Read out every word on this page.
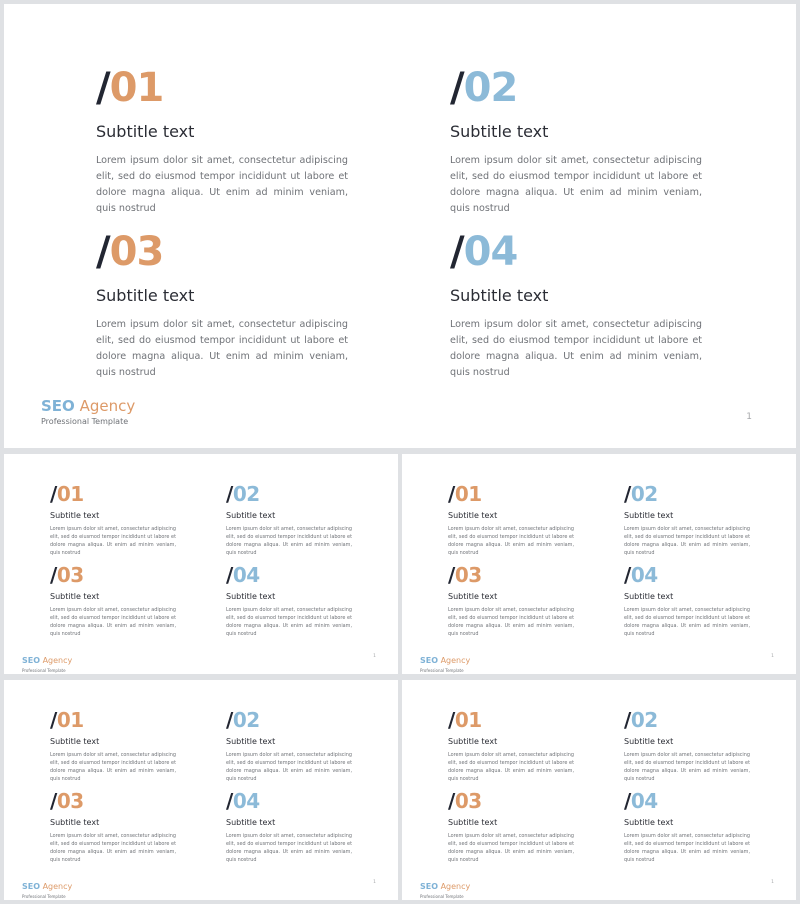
/01
Subtitle text
Lorem ipsum dolor sit amet, consectetur adipiscing elit, sed do eiusmod tempor incididunt ut labore et dolore magna aliqua. Ut enim ad minim veniam, quis nostrud
/02
Subtitle text
Lorem ipsum dolor sit amet, consectetur adipiscing elit, sed do eiusmod tempor incididunt ut labore et dolore magna aliqua. Ut enim ad minim veniam, quis nostrud
/03
Subtitle text
Lorem ipsum dolor sit amet, consectetur adipiscing elit, sed do eiusmod tempor incididunt ut labore et dolore magna aliqua. Ut enim ad minim veniam, quis nostrud
/04
Subtitle text
Lorem ipsum dolor sit amet, consectetur adipiscing elit, sed do eiusmod tempor incididunt ut labore et dolore magna aliqua. Ut enim ad minim veniam, quis nostrud
SEO Agency
Professional Template	1
/01
Subtitle text
Lorem ipsum dolor sit amet, consectetur adipiscing elit, sed do eiusmod tempor incididunt ut labore et dolore magna aliqua. Ut enim ad minim veniam, quis nostrud
/02
Subtitle text
Lorem ipsum dolor sit amet, consectetur adipiscing elit, sed do eiusmod tempor incididunt ut labore et dolore magna aliqua. Ut enim ad minim veniam, quis nostrud
/03
Subtitle text
Lorem ipsum dolor sit amet, consectetur adipiscing elit, sed do eiusmod tempor incididunt ut labore et dolore magna aliqua. Ut enim ad minim veniam, quis nostrud
/04
Subtitle text
Lorem ipsum dolor sit amet, consectetur adipiscing elit, sed do eiusmod tempor incididunt ut labore et dolore magna aliqua. Ut enim ad minim veniam, quis nostrud
SEO Agency
Professional Template
1
/01
Subtitle text
Lorem ipsum dolor sit amet, consectetur adipiscing elit, sed do eiusmod tempor incididunt ut labore et dolore magna aliqua. Ut enim ad minim veniam, quis nostrud
/02
Subtitle text
Lorem ipsum dolor sit amet, consectetur adipiscing elit, sed do eiusmod tempor incididunt ut labore et dolore magna aliqua. Ut enim ad minim veniam, quis nostrud
/03
Subtitle text
Lorem ipsum dolor sit amet, consectetur adipiscing elit, sed do eiusmod tempor incididunt ut labore et dolore magna aliqua. Ut enim ad minim veniam, quis nostrud
/04
Subtitle text
Lorem ipsum dolor sit amet, consectetur adipiscing elit, sed do eiusmod tempor incididunt ut labore et dolore magna aliqua. Ut enim ad minim veniam, quis nostrud
SEO Agency
Professional Template
1
/01
Subtitle text
Lorem ipsum dolor sit amet, consectetur adipiscing elit, sed do eiusmod tempor incididunt ut labore et dolore magna aliqua. Ut enim ad minim veniam, quis nostrud
/02
Subtitle text
Lorem ipsum dolor sit amet, consectetur adipiscing elit, sed do eiusmod tempor incididunt ut labore et dolore magna aliqua. Ut enim ad minim veniam, quis nostrud
/03
Subtitle text
Lorem ipsum dolor sit amet, consectetur adipiscing elit, sed do eiusmod tempor incididunt ut labore et dolore magna aliqua. Ut enim ad minim veniam, quis nostrud
/04
Subtitle text
Lorem ipsum dolor sit amet, consectetur adipiscing elit, sed do eiusmod tempor incididunt ut labore et dolore magna aliqua. Ut enim ad minim veniam, quis nostrud
SEO Agency
Professional Template
1
/01
Subtitle text
Lorem ipsum dolor sit amet, consectetur adipiscing elit, sed do eiusmod tempor incididunt ut labore et dolore magna aliqua. Ut enim ad minim veniam, quis nostrud
/02
Subtitle text
Lorem ipsum dolor sit amet, consectetur adipiscing elit, sed do eiusmod tempor incididunt ut labore et dolore magna aliqua. Ut enim ad minim veniam, quis nostrud
/03
Subtitle text
Lorem ipsum dolor sit amet, consectetur adipiscing elit, sed do eiusmod tempor incididunt ut labore et dolore magna aliqua. Ut enim ad minim veniam, quis nostrud
/04
Subtitle text
Lorem ipsum dolor sit amet, consectetur adipiscing elit, sed do eiusmod tempor incididunt ut labore et dolore magna aliqua. Ut enim ad minim veniam, quis nostrud
SEO Agency
Professional Template
1
